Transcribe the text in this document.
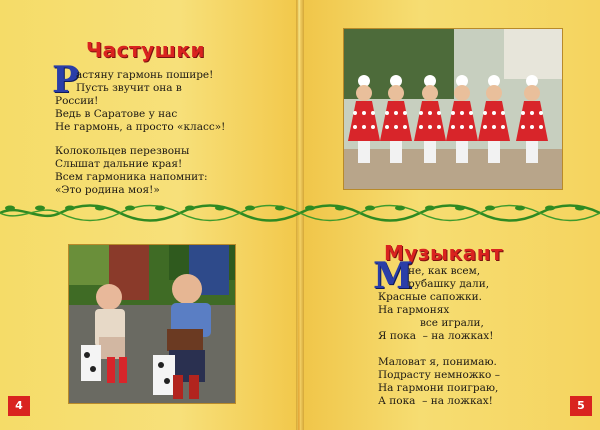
Частушки
Р

астяну гармонь пошире!

Пусть звучит она в

России!

Ведь в Саратове у нас

Не гармонь, а просто «класс»!

Колокольцев перезвоны

Слышат дальние края!

Всем гармоника напомнит:

«Это родина моя!»

4
Музыкант
М

не, как всем,

рубашку дали,

Красные сапожки.

На гармонях

все играли,

Я пока  – на ложках!

Маловат я, понимаю.

Подрасту немножко –

На гармони поиграю,

А пока  – на ложках!	5
